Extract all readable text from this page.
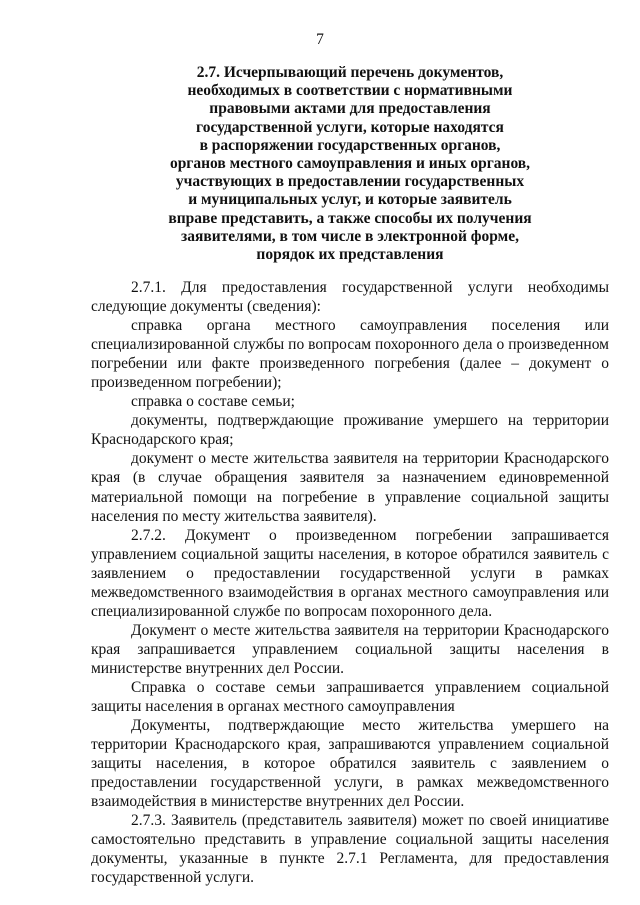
7
2.7. Исчерпывающий перечень документов,
необходимых в соответствии с нормативными
правовыми актами для предоставления
государственной услуги, которые находятся
в распоряжении государственных органов,
органов местного самоуправления и иных органов,
участвующих в предоставлении государственных
и муниципальных услуг, и которые заявитель
вправе представить, а также способы их получения
заявителями, в том числе в электронной форме,
порядок их представления

2.7.1. Для предоставления государственной услуги необходимы следующие документы (сведения):

справка органа местного самоуправления поселения или специализированной службы по вопросам похоронного дела о произведенном погребении или факте произведенного погребения (далее – документ о произведенном погребении);

справка о составе семьи;

документы, подтверждающие проживание умершего на территории Краснодарского края;

документ о месте жительства заявителя на территории Краснодарского края (в случае обращения заявителя за назначением единовременной материальной помощи на погребение в управление социальной защиты населения по месту жительства заявителя).

2.7.2. Документ о произведенном погребении запрашивается управлением социальной защиты населения, в которое обратился заявитель с заявлением о предоставлении государственной услуги в рамках межведомственного взаимодействия в органах местного самоуправления или специализированной службе по вопросам похоронного дела.

Документ о месте жительства заявителя на территории Краснодарского края запрашивается управлением социальной защиты населения в министерстве внутренних дел России.

Справка о составе семьи запрашивается управлением социальной защиты населения в органах местного самоуправления

Документы, подтверждающие место жительства умершего на территории Краснодарского края, запрашиваются управлением социальной защиты населения, в которое обратился заявитель с заявлением о предоставлении государственной услуги, в рамках межведомственного взаимодействия в министерстве внутренних дел России.

2.7.3. Заявитель (представитель заявителя) может по своей инициативе самостоятельно представить в управление социальной защиты населения документы, указанные в пункте 2.7.1 Регламента, для предоставления государственной услуги.
